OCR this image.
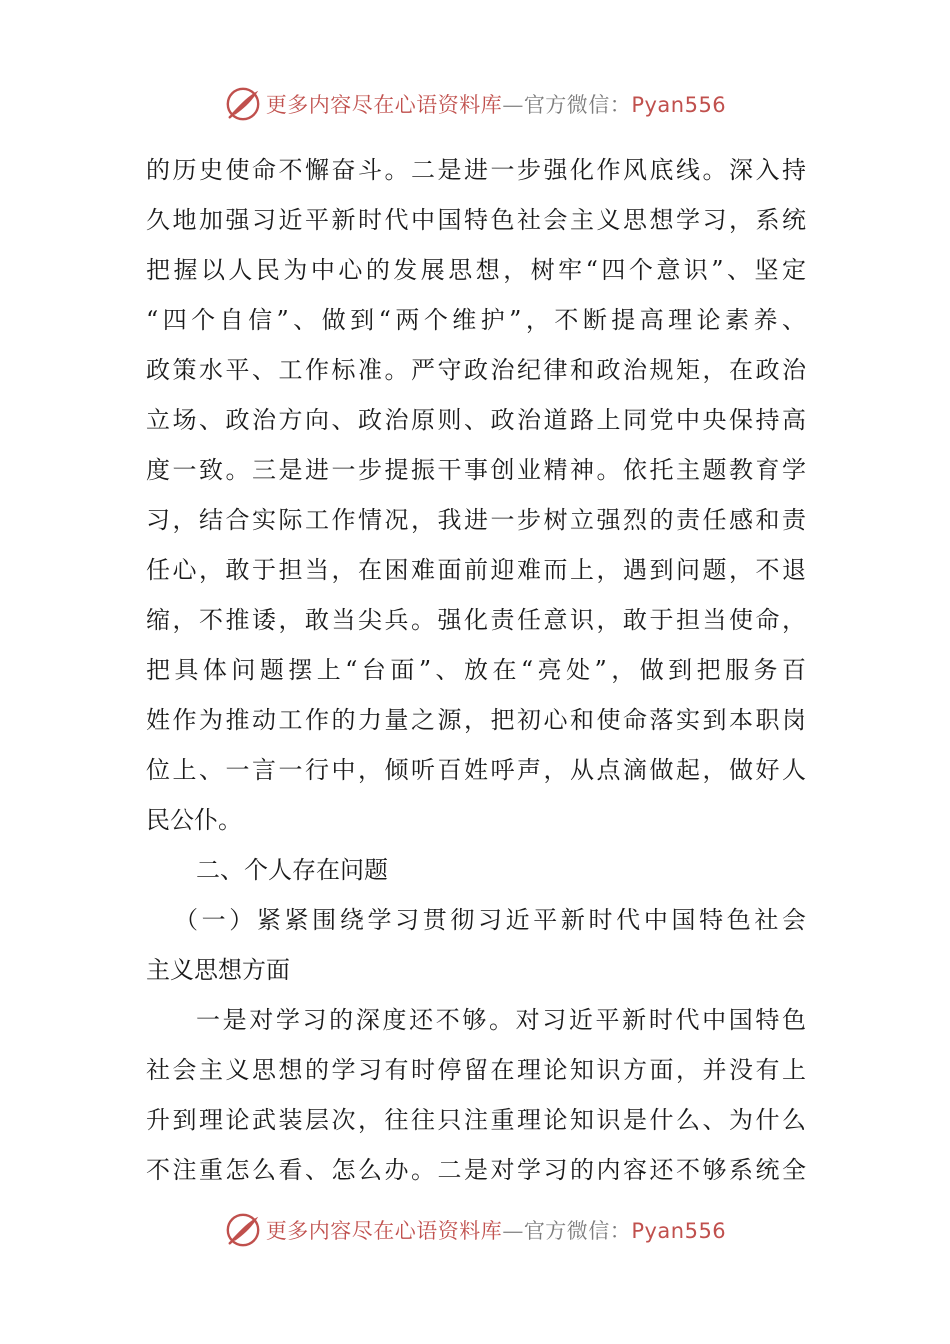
更多内容尽在心语资料库—官方微信：Pyan556
的历史使命不懈奋斗。二是进一步强化作风底线。深入持
久地加强习近平新时代中国特色社会主义思想学习，系统
把握以人民为中心的发展思想，树牢“四个意识”、坚定
“四个自信”、做到“两个维护”，不断提高理论素养、
政策水平、工作标准。严守政治纪律和政治规矩，在政治
立场、政治方向、政治原则、政治道路上同党中央保持高
度一致。三是进一步提振干事创业精神。依托主题教育学
习，结合实际工作情况，我进一步树立强烈的责任感和责
任心，敢于担当，在困难面前迎难而上，遇到问题，不退
缩，不推诿，敢当尖兵。强化责任意识，敢于担当使命，
把具体问题摆上“台面”、放在“亮处”，做到把服务百
姓作为推动工作的力量之源，把初心和使命落实到本职岗
位上、一言一行中，倾听百姓呼声，从点滴做起，做好人
民公仆。
二、个人存在问题
（一）紧紧围绕学习贯彻习近平新时代中国特色社会
主义思想方面
一是对学习的深度还不够。对习近平新时代中国特色
社会主义思想的学习有时停留在理论知识方面，并没有上
升到理论武装层次，往往只注重理论知识是什么、为什么
不注重怎么看、怎么办。二是对学习的内容还不够系统全
更多内容尽在心语资料库—官方微信：Pyan556
